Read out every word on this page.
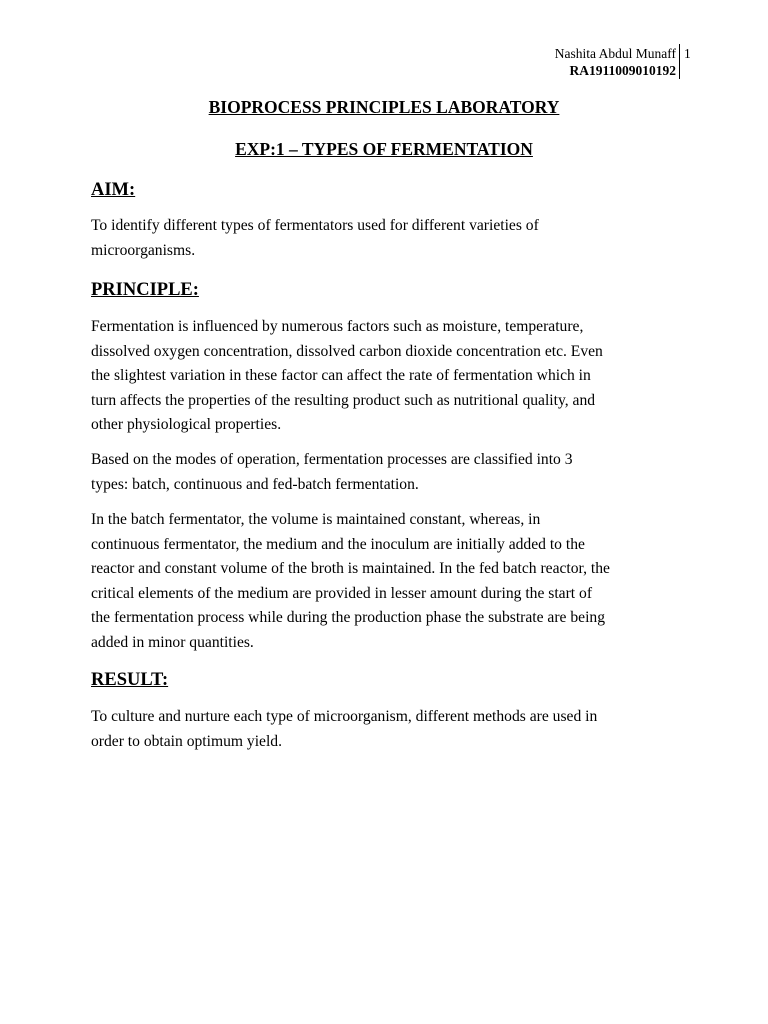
Nashita Abdul Munaff
RA1911009010192
1
BIOPROCESS PRINCIPLES LABORATORY
EXP:1 – TYPES OF FERMENTATION
AIM:
To identify different types of fermentators used for different varieties of
microorganisms.
PRINCIPLE:
Fermentation is influenced by numerous factors such as moisture, temperature,
dissolved oxygen concentration, dissolved carbon dioxide concentration etc. Even
the slightest variation in these factor can affect the rate of fermentation which in
turn affects the properties of the resulting product such as nutritional quality, and
other physiological properties.
Based on the modes of operation, fermentation processes are classified into 3
types: batch, continuous and fed-batch fermentation.
In the batch fermentator, the volume is maintained constant, whereas, in
continuous fermentator, the medium and the inoculum are initially added to the
reactor and constant volume of the broth is maintained. In the fed batch reactor, the
critical elements of the medium are provided in lesser amount during the start of
the fermentation process while during the production phase the substrate are being
added in minor quantities.
RESULT:
To culture and nurture each type of microorganism, different methods are used in
order to obtain optimum yield.
